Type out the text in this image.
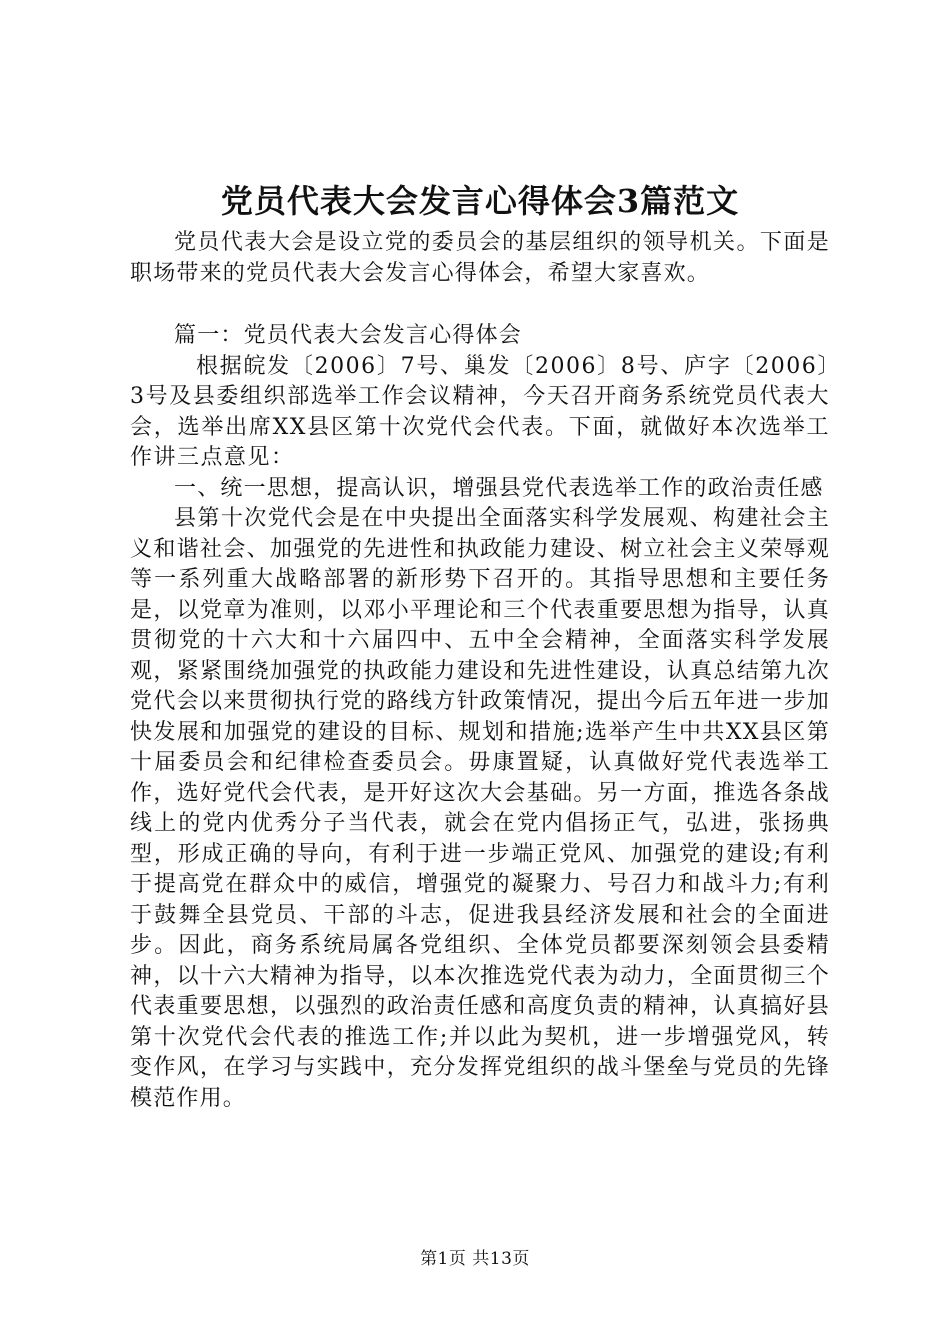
党员代表大会发言心得体会3篇范文

党员代表大会是设立党的委员会的基层组织的领导机关。下面是职场带来的党员代表大会发言心得体会，希望大家喜欢。

篇一：党员代表大会发言心得体会

根据皖发〔2006〕7号、巢发〔2006〕8号、庐字〔2006〕3号及县委组织部选举工作会议精神，今天召开商务系统党员代表大会，选举出席XX县区第十次党代会代表。下面，就做好本次选举工作讲三点意见：

一、统一思想，提高认识，增强县党代表选举工作的政治责任感

县第十次党代会是在中央提出全面落实科学发展观、构建社会主义和谐社会、加强党的先进性和执政能力建设、树立社会主义荣辱观等一系列重大战略部署的新形势下召开的。其指导思想和主要任务是，以党章为准则，以邓小平理论和三个代表重要思想为指导，认真贯彻党的十六大和十六届四中、五中全会精神，全面落实科学发展观，紧紧围绕加强党的执政能力建设和先进性建设，认真总结第九次党代会以来贯彻执行党的路线方针政策情况，提出今后五年进一步加快发展和加强党的建设的目标、规划和措施;选举产生中共XX县区第十届委员会和纪律检查委员会。毋康置疑，认真做好党代表选举工作，选好党代会代表，是开好这次大会基础。另一方面，推选各条战线上的党内优秀分子当代表，就会在党内倡扬正气，弘进，张扬典型，形成正确的导向，有利于进一步端正党风、加强党的建设;有利于提高党在群众中的威信，增强党的凝聚力、号召力和战斗力;有利于鼓舞全县党员、干部的斗志，促进我县经济发展和社会的全面进步。因此，商务系统局属各党组织、全体党员都要深刻领会县委精神，以十六大精神为指导，以本次推选党代表为动力，全面贯彻三个代表重要思想，以强烈的政治责任感和高度负责的精神，认真搞好县第十次党代会代表的推选工作;并以此为契机，进一步增强党风，转变作风，在学习与实践中，充分发挥党组织的战斗堡垒与党员的先锋模范作用。

第1页 共13页
